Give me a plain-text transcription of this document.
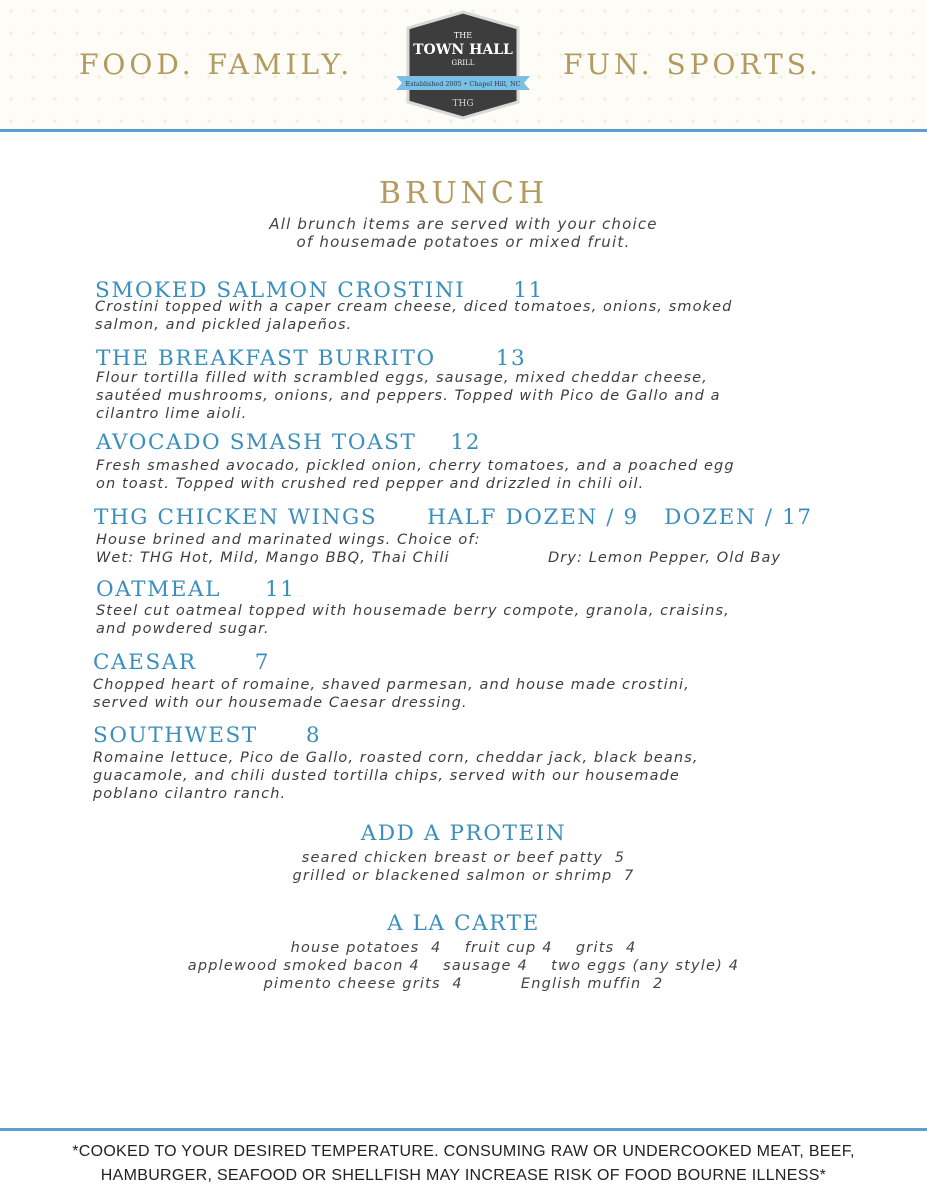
FOOD. FAMILY.	FUN. SPORTS.
THE
TOWN HALL
GRILL
Established 2005 • Chapel Hill, NC
THG
BRUNCH
All brunch items are served with your choice
of housemade potatoes or mixed fruit.
SMOKED SALMON CROSTINI 11
Crostini topped with a caper cream cheese, diced tomatoes, onions, smoked
salmon, and pickled jalapeños.
THE BREAKFAST BURRITO	13
Flour tortilla filled with scrambled eggs, sausage, mixed cheddar cheese,
sautéed mushrooms, onions, and peppers. Topped with Pico de Gallo and a
cilantro lime aioli.
AVOCADO SMASH TOAST 12
Fresh smashed avocado, pickled onion, cherry tomatoes, and a poached egg
on toast. Topped with crushed red pepper and drizzled in chili oil.
THG CHICKEN WINGS HALF DOZEN / 9   DOZEN / 17
House brined and marinated wings. Choice of:
Wet: THG Hot, Mild, Mango BBQ, Thai Chili	Dry: Lemon Pepper, Old Bay
OATMEAL 11
Steel cut oatmeal topped with housemade berry compote, granola, craisins,
and powdered sugar.
CAESAR	7
Chopped heart of romaine, shaved parmesan, and house made crostini,
served with our housemade Caesar dressing.
SOUTHWEST 8
Romaine lettuce, Pico de Gallo, roasted corn, cheddar jack, black beans,
guacamole, and chili dusted tortilla chips, served with our housemade
poblano cilantro ranch.
ADD A PROTEIN
seared chicken breast or beef patty  5
grilled or blackened salmon or shrimp  7
A LA CARTE
house potatoes  4    fruit cup 4    grits  4
applewood smoked bacon 4    sausage 4    two eggs (any style) 4
pimento cheese grits  4          English muffin  2
*COOKED TO YOUR DESIRED TEMPERATURE. CONSUMING RAW OR UNDERCOOKED MEAT, BEEF,
HAMBURGER, SEAFOOD OR SHELLFISH MAY INCREASE RISK OF FOOD BOURNE ILLNESS*
